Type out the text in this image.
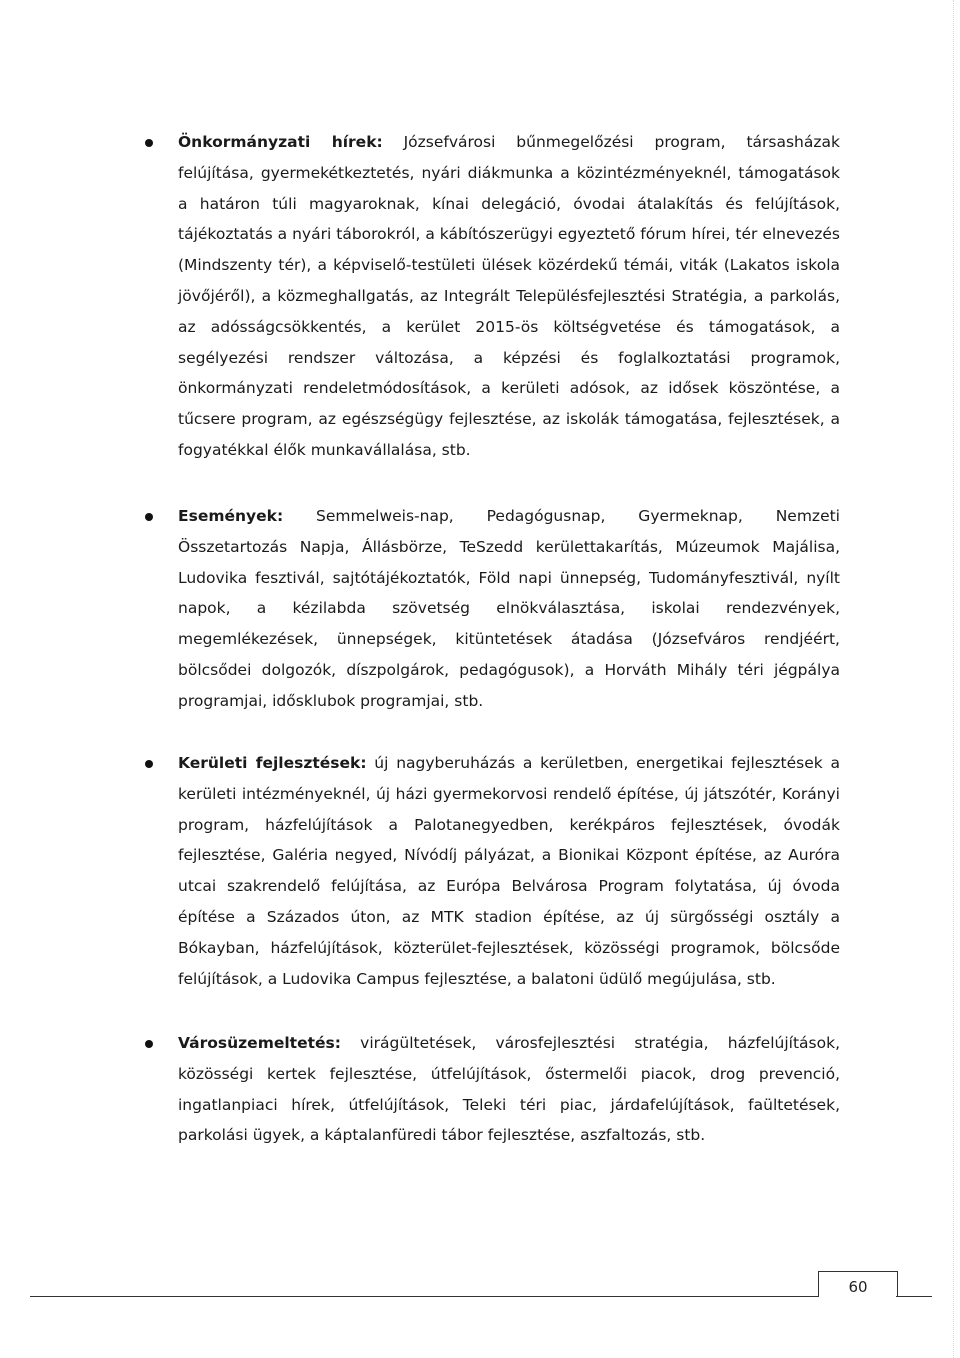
Önkormányzati hírek: Józsefvárosi bűnmegelőzési program, társasházak felújítása, gyermekétkeztetés, nyári diákmunka a közintézményeknél, támogatások a határon túli magyaroknak, kínai delegáció, óvodai átalakítás és felújítások, tájékoztatás a nyári táborokról, a kábítószerügyi egyeztető fórum hírei, tér elnevezés (Mindszenty tér), a képviselő-testületi ülések közérdekű témái, viták (Lakatos iskola jövőjéről), a közmeghallgatás, az Integrált Településfejlesztési Stratégia, a parkolás, az adósságcsökkentés, a kerület 2015-ös költségvetése és támogatások, a segélyezési rendszer változása, a képzési és foglalkoztatási programok, önkormányzati rendeletmódosítások, a kerületi adósok, az idősek köszöntése, a tűcsere program, az egészségügy fejlesztése, az iskolák támogatása, fejlesztések, a fogyatékkal élők munkavállalása, stb.

Események: Semmelweis-nap, Pedagógusnap, Gyermeknap, Nemzeti Összetartozás Napja, Állásbörze, TeSzedd kerülettakarítás, Múzeumok Majálisa, Ludovika fesztivál, sajtótájékoztatók, Föld napi ünnepség, Tudományfesztivál, nyílt napok, a kézilabda szövetség elnökválasztása, iskolai rendezvények, megemlékezések, ünnepségek, kitüntetések átadása (Józsefváros rendjéért, bölcsődei dolgozók, díszpolgárok, pedagógusok), a Horváth Mihály téri jégpálya programjai, idősklubok programjai, stb.

Kerületi fejlesztések: új nagyberuházás a kerületben, energetikai fejlesztések a kerületi intézményeknél, új házi gyermekorvosi rendelő építése, új játszótér, Korányi program, házfelújítások a Palotanegyedben, kerékpáros fejlesztések, óvodák fejlesztése, Galéria negyed, Nívódíj pályázat, a Bionikai Központ építése, az Auróra utcai szakrendelő felújítása, az Európa Belvárosa Program folytatása, új óvoda építése a Százados úton, az MTK stadion építése, az új sürgősségi osztály a Bókayban, házfelújítások, közterület-fejlesztések, közösségi programok, bölcsőde felújítások, a Ludovika Campus fejlesztése, a balatoni üdülő megújulása, stb.

Városüzemeltetés: virágültetések, városfejlesztési stratégia, házfelújítások, közösségi kertek fejlesztése, útfelújítások, őstermelői piacok, drog prevenció, ingatlanpiaci hírek, útfelújítások, Teleki téri piac, járdafelújítások, faültetések, parkolási ügyek, a káptalanfüredi tábor fejlesztése, aszfaltozás, stb.

60
